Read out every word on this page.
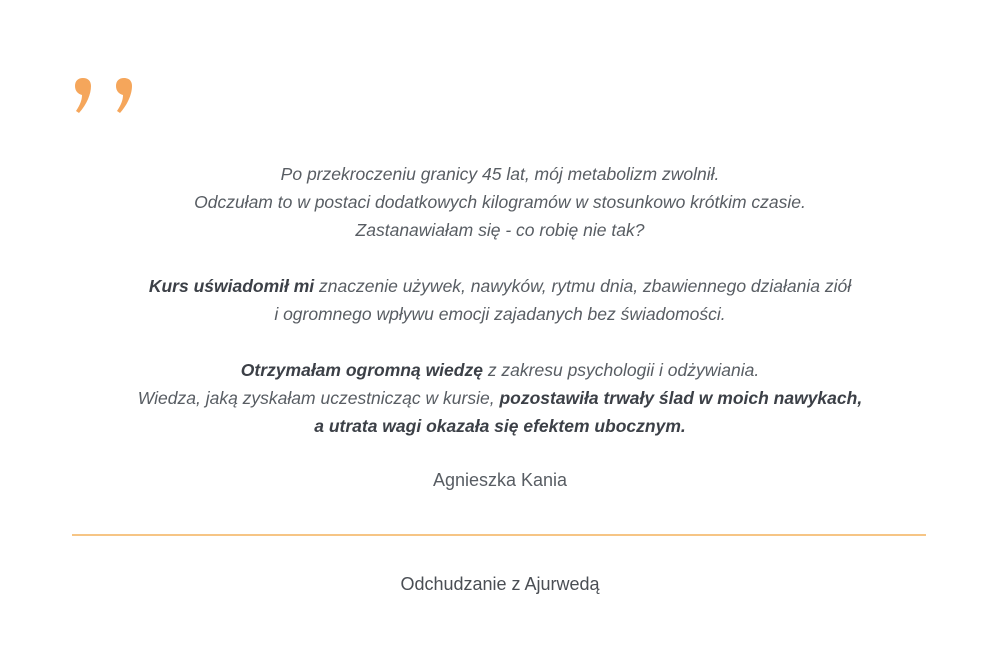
Po przekroczeniu granicy 45 lat, mój metabolizm zwolnił.
Odczułam to w postaci dodatkowych kilogramów w stosunkowo krótkim czasie.
Zastanawiałam się - co robię nie tak?

Kurs uświadomił mi znaczenie używek, nawyków, rytmu dnia, zbawiennego działania ziół
i ogromnego wpływu emocji zajadanych bez świadomości.

Otrzymałam ogromną wiedzę z zakresu psychologii i odżywiania.
Wiedza, jaką zyskałam uczestnicząc w kursie, pozostawiła trwały ślad w moich nawykach,
a utrata wagi okazała się efektem ubocznym.

Agnieszka Kania
Odchudzanie z Ajurwedą
